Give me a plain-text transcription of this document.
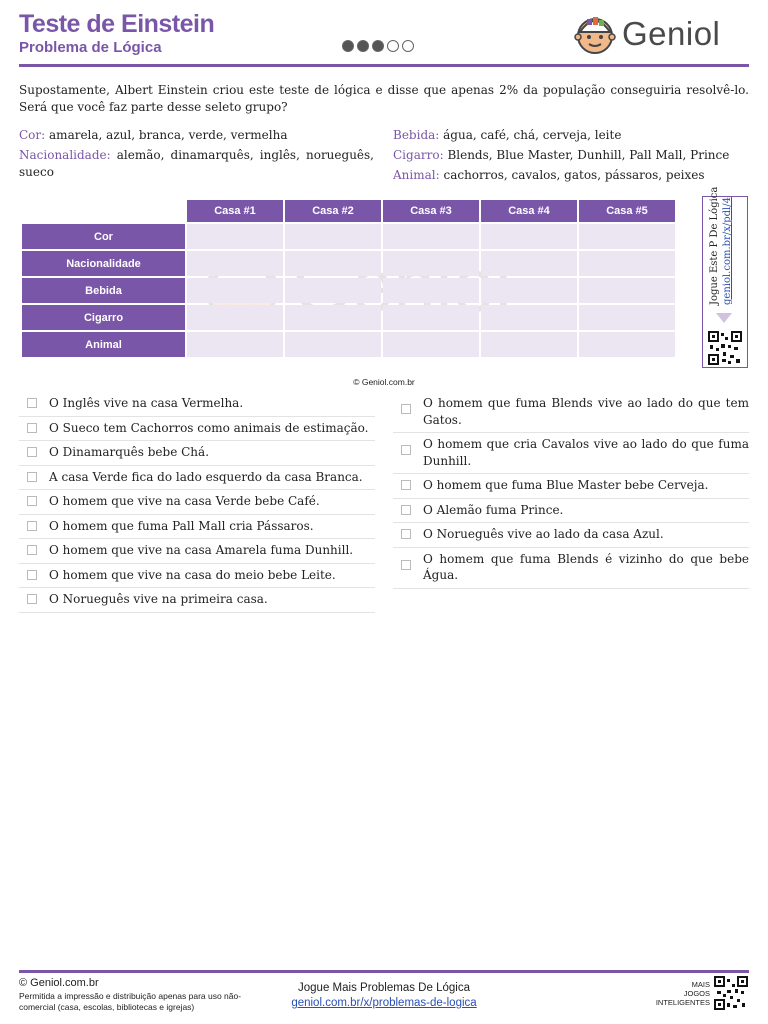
Teste de Einstein
Problema de Lógica	Geniol
Supostamente, Albert Einstein criou este teste de lógica e disse que apenas 2% da população conseguiria resolvê-lo. Será que você faz parte desse seleto grupo?
Cor: amarela, azul, branca, verde, vermelha
Nacionalidade: alemão, dinamarquês, inglês, norueguês, sueco
Bebida: água, café, chá, cerveja, leite
Cigarro: Blends, Blue Master, Dunhill, Pall Mall, Prince
Animal: cachorros, cavalos, gatos, pássaros, peixes
	Casa #1	Casa #2	Casa #3	Casa #4	Casa #5
Cor					
Nacionalidade					
Bebida					
Cigarro					
Animal					
Jogue Este P De Lógica geniol.com.br/x/pdl/4
© Geniol.com.br
O Inglês vive na casa Vermelha.
O Sueco tem Cachorros como animais de estimação.
O Dinamarquês bebe Chá.
A casa Verde fica do lado esquerdo da casa Branca.
O homem que vive na casa Verde bebe Café.
O homem que fuma Pall Mall cria Pássaros.
O homem que vive na casa Amarela fuma Dunhill.
O homem que vive na casa do meio bebe Leite.
O Norueguês vive na primeira casa.
O homem que fuma Blends vive ao lado do que tem Gatos.
O homem que cria Cavalos vive ao lado do que fuma Dunhill.
O homem que fuma Blue Master bebe Cerveja.
O Alemão fuma Prince.
O Norueguês vive ao lado da casa Azul.
O homem que fuma Blends é vizinho do que bebe Água.
© Geniol.com.br
Permitida a impressão e distribuição apenas para uso não-comercial (casa, escolas, bibliotecas e igrejas)
Jogue Mais Problemas De Lógica
geniol.com.br/x/problemas-de-logica
MAIS
JOGOS
INTELIGENTES
